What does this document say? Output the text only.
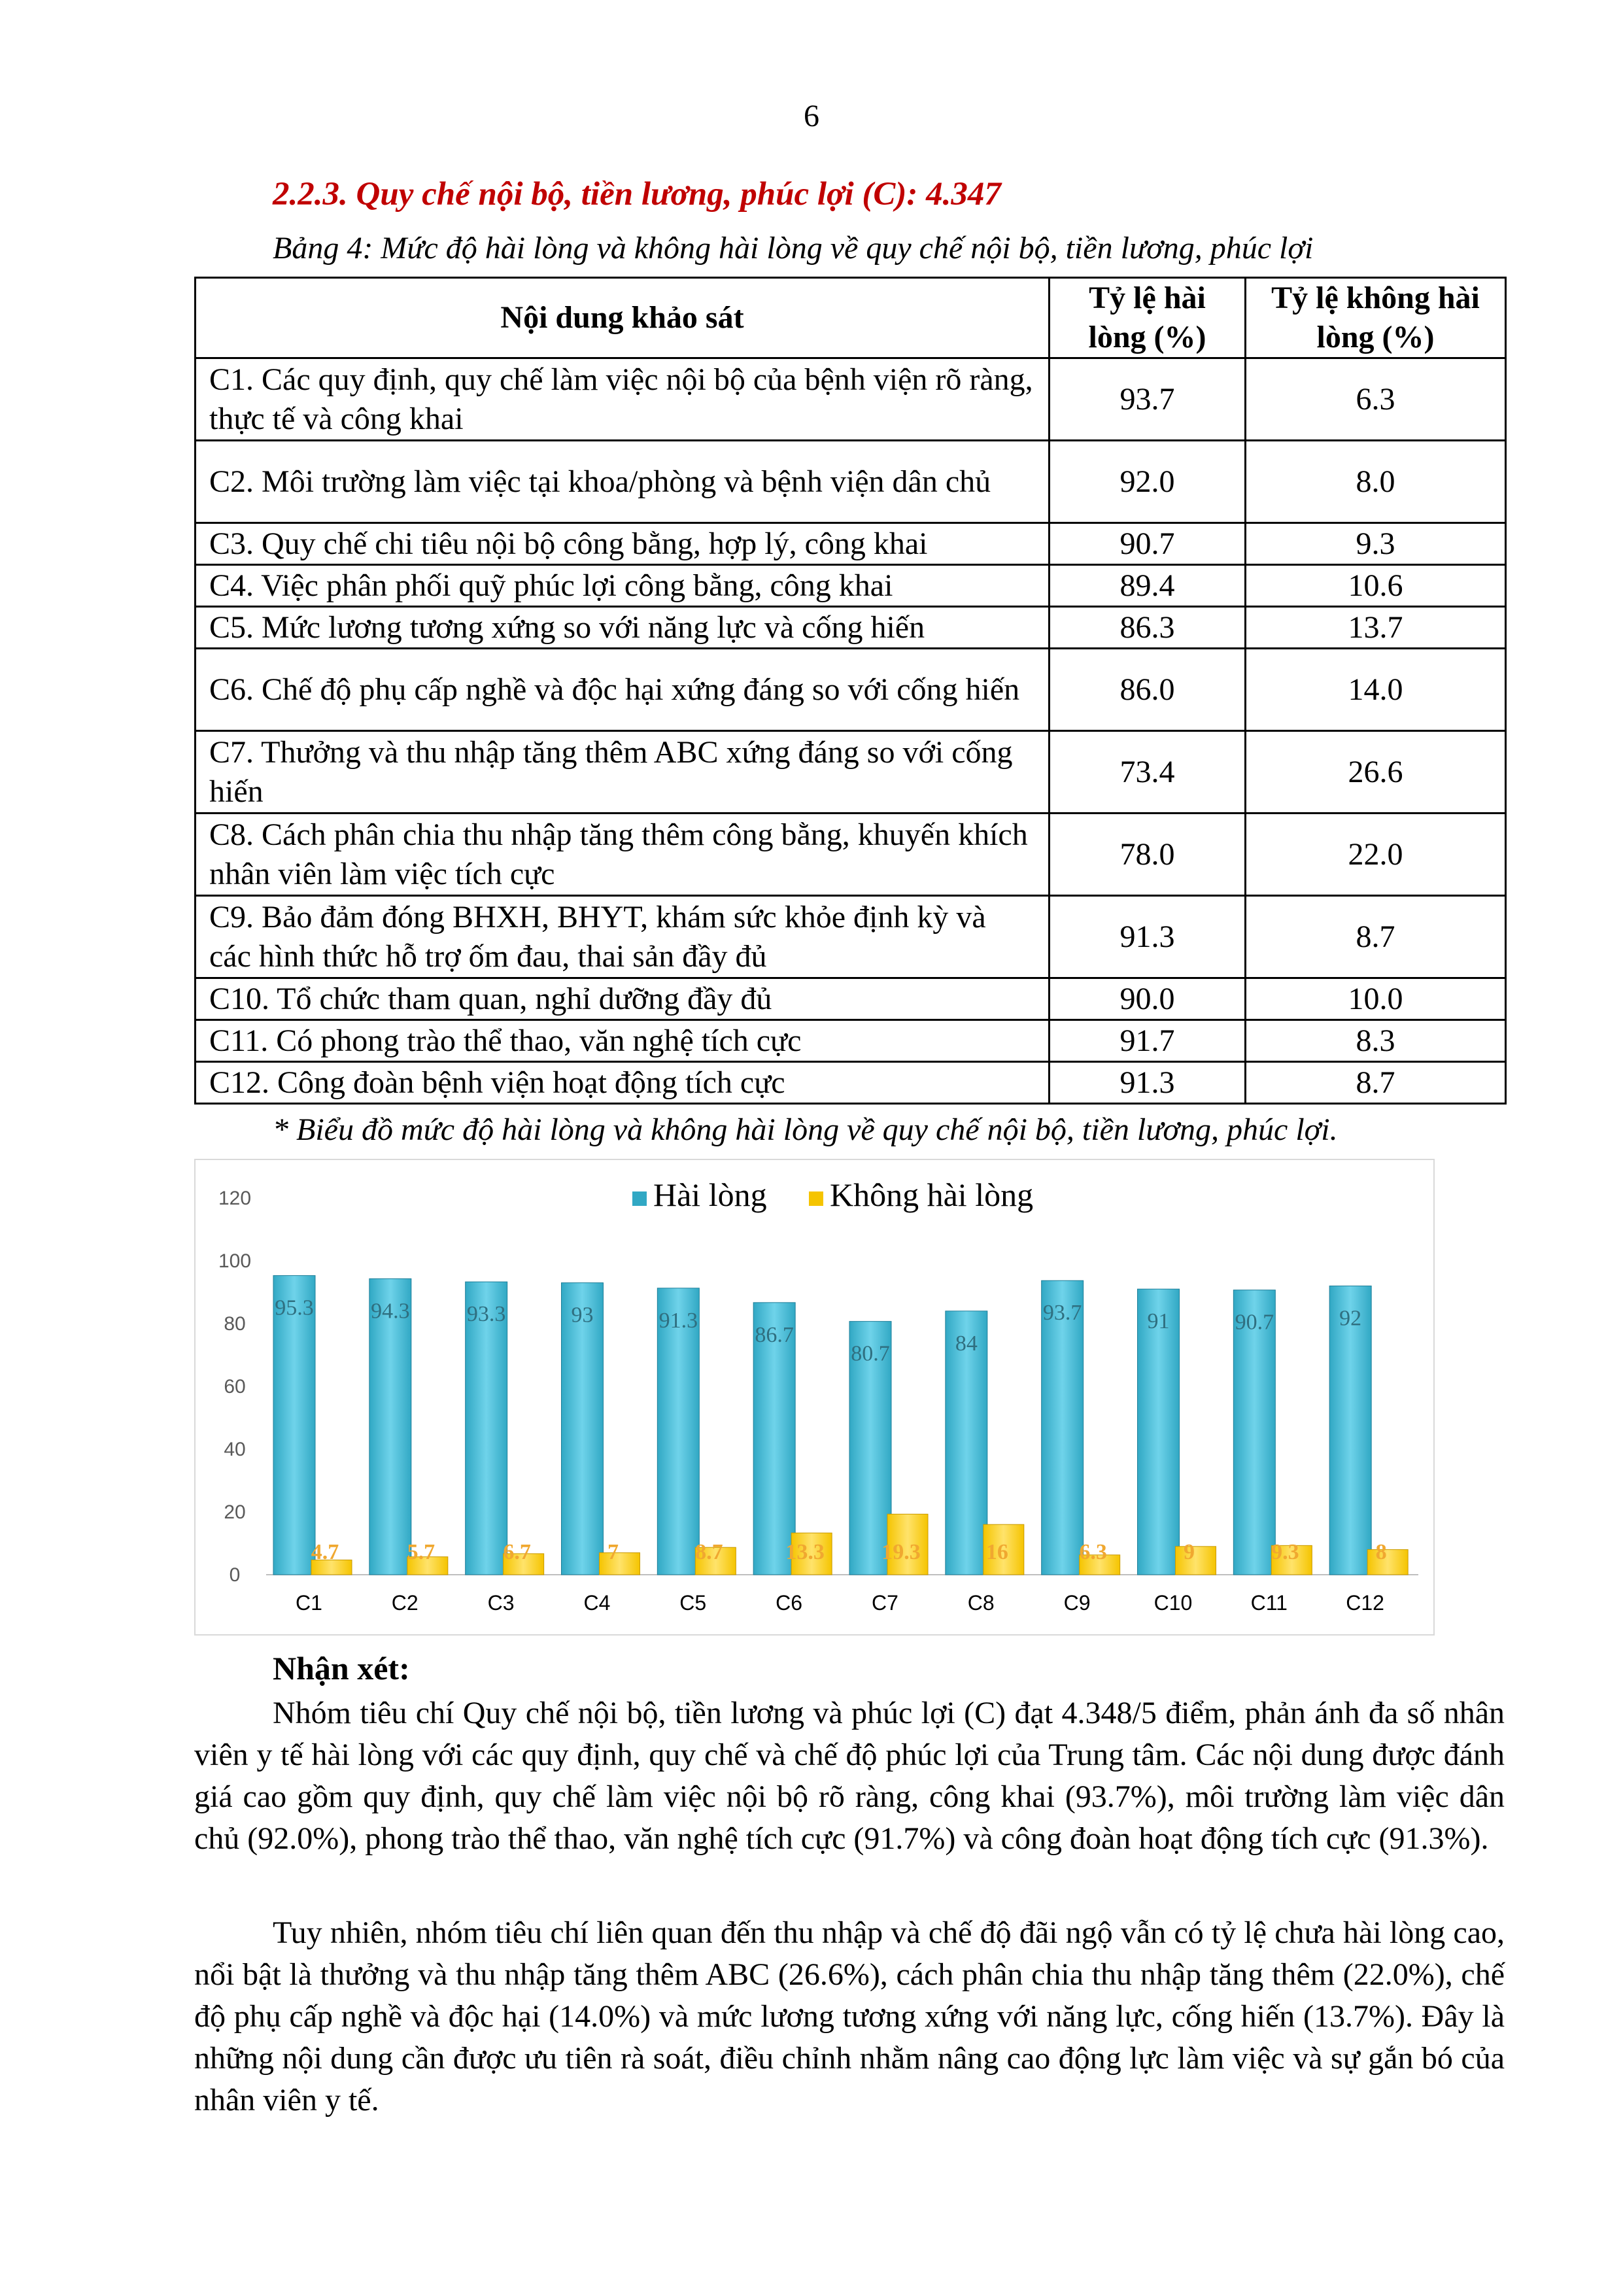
6
2.2.3. Quy chế nội bộ, tiền lương, phúc lợi (C): 4.347
Bảng 4: Mức độ hài lòng và không hài lòng về quy chế nội bộ, tiền lương, phúc lợi
Nội dung khảo sát	Tỷ lệ hài lòng (%)	Tỷ lệ không hài lòng (%)
C1. Các quy định, quy chế làm việc nội bộ của bệnh viện rõ ràng, thực tế và công khai	93.7	6.3
C2. Môi trường làm việc tại khoa/phòng và bệnh viện dân chủ	92.0	8.0
C3. Quy chế chi tiêu nội bộ công bằng, hợp lý, công khai	90.7	9.3
C4. Việc phân phối quỹ phúc lợi công bằng, công khai	89.4	10.6
C5. Mức lương tương xứng so với năng lực và cống hiến	86.3	13.7
C6. Chế độ phụ cấp nghề và độc hại xứng đáng so với cống hiến	86.0	14.0
C7. Thưởng và thu nhập tăng thêm ABC xứng đáng so với cống hiến	73.4	26.6
C8. Cách phân chia thu nhập tăng thêm công bằng, khuyến khích nhân viên làm việc tích cực	78.0	22.0
C9. Bảo đảm đóng BHXH, BHYT, khám sức khỏe định kỳ và các hình thức hỗ trợ ốm đau, thai sản đầy đủ	91.3	8.7
C10. Tổ chức tham quan, nghỉ dưỡng đầy đủ	90.0	10.0
C11. Có phong trào thể thao, văn nghệ tích cực	91.7	8.3
C12. Công đoàn bệnh viện hoạt động tích cực	91.3	8.7
* Biểu đồ mức độ hài lòng và không hài lòng về quy chế nội bộ, tiền lương, phúc lợi.
0
20
40
60
80
100
120
95.3
4.7
C1
94.3
5.7
C2
93.3
6.7
C3
93
7
C4
91.3
8.7
C5
86.7
13.3
C6
80.7
19.3
C7
84
16
C8
93.7
6.3
C9
91
9
C10
90.7
9.3
C11
92
8
C12
Hài lòng Không hài lòng
Nhận xét:

Nhóm tiêu chí Quy chế nội bộ, tiền lương và phúc lợi (C) đạt 4.348/5 điểm, phản ánh đa số nhân viên y tế hài lòng với các quy định, quy chế và chế độ phúc lợi của Trung tâm. Các nội dung được đánh giá cao gồm quy định, quy chế làm việc nội bộ rõ ràng, công khai (93.7%), môi trường làm việc dân chủ (92.0%), phong trào thể thao, văn nghệ tích cực (91.7%) và công đoàn hoạt động tích cực (91.3%).

Tuy nhiên, nhóm tiêu chí liên quan đến thu nhập và chế độ đãi ngộ vẫn có tỷ lệ chưa hài lòng cao, nổi bật là thưởng và thu nhập tăng thêm ABC (26.6%), cách phân chia thu nhập tăng thêm (22.0%), chế độ phụ cấp nghề và độc hại (14.0%) và mức lương tương xứng với năng lực, cống hiến (13.7%). Đây là những nội dung cần được ưu tiên rà soát, điều chỉnh nhằm nâng cao động lực làm việc và sự gắn bó của nhân viên y tế.
